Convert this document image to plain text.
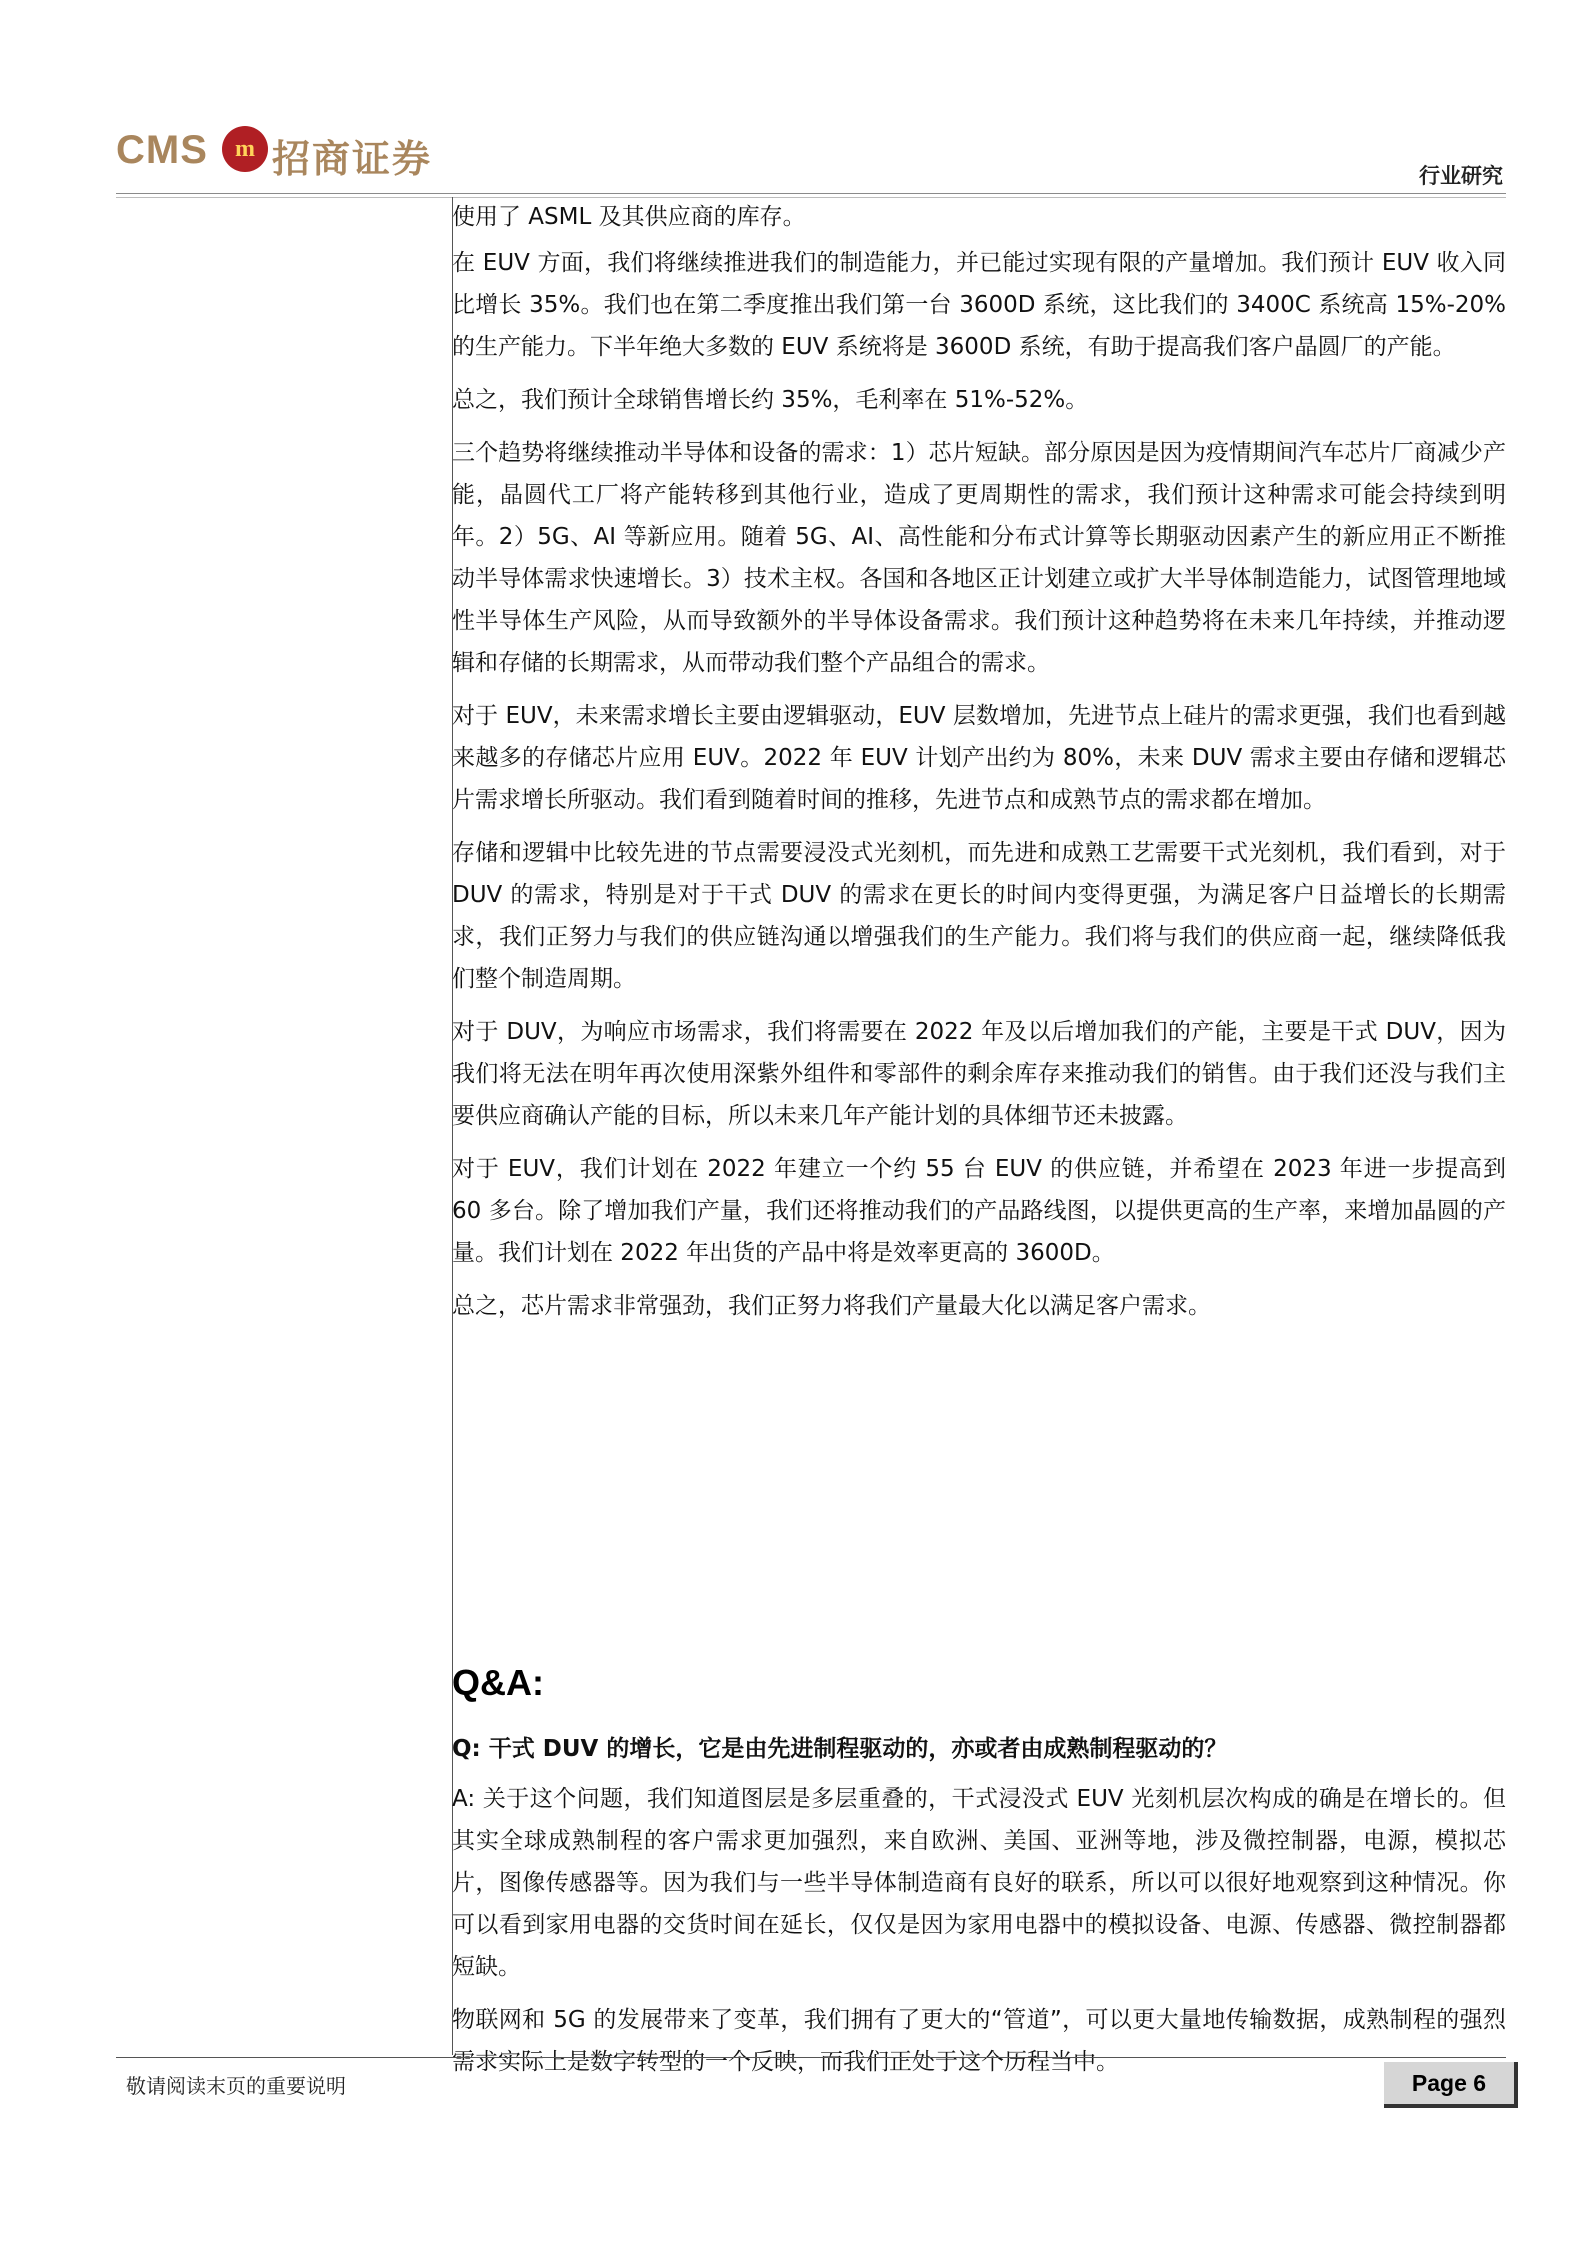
CMS	m 招商证券	行业研究

使用了 ASML 及其供应商的库存。

在 EUV 方面，我们将继续推进我们的制造能力，并已能过实现有限的产量增加。我们预计 EUV 收入同比增长 35%。我们也在第二季度推出我们第一台 3600D 系统，这比我们的 3400C 系统高 15%-20%的生产能力。下半年绝大多数的 EUV 系统将是 3600D 系统，有助于提高我们客户晶圆厂的产能。

总之，我们预计全球销售增长约 35%，毛利率在 51%-52%。

三个趋势将继续推动半导体和设备的需求：1）芯片短缺。部分原因是因为疫情期间汽车芯片厂商减少产能，晶圆代工厂将产能转移到其他行业，造成了更周期性的需求，我们预计这种需求可能会持续到明年。2）5G、AI 等新应用。随着 5G、AI、高性能和分布式计算等长期驱动因素产生的新应用正不断推动半导体需求快速增长。3）技术主权。各国和各地区正计划建立或扩大半导体制造能力，试图管理地域性半导体生产风险，从而导致额外的半导体设备需求。我们预计这种趋势将在未来几年持续，并推动逻辑和存储的长期需求，从而带动我们整个产品组合的需求。

对于 EUV，未来需求增长主要由逻辑驱动，EUV 层数增加，先进节点上硅片的需求更强，我们也看到越来越多的存储芯片应用 EUV。2022 年 EUV 计划产出约为 80%，未来 DUV 需求主要由存储和逻辑芯片需求增长所驱动。我们看到随着时间的推移，先进节点和成熟节点的需求都在增加。

存储和逻辑中比较先进的节点需要浸没式光刻机，而先进和成熟工艺需要干式光刻机，我们看到，对于 DUV 的需求，特别是对于干式 DUV 的需求在更长的时间内变得更强，为满足客户日益增长的长期需求，我们正努力与我们的供应链沟通以增强我们的生产能力。我们将与我们的供应商一起，继续降低我们整个制造周期。

对于 DUV，为响应市场需求，我们将需要在 2022 年及以后增加我们的产能，主要是干式 DUV，因为我们将无法在明年再次使用深紫外组件和零部件的剩余库存来推动我们的销售。由于我们还没与我们主要供应商确认产能的目标，所以未来几年产能计划的具体细节还未披露。

对于 EUV，我们计划在 2022 年建立一个约 55 台 EUV 的供应链，并希望在 2023 年进一步提高到 60 多台。除了增加我们产量，我们还将推动我们的产品路线图，以提供更高的生产率，来增加晶圆的产量。我们计划在 2022 年出货的产品中将是效率更高的 3600D。

总之，芯片需求非常强劲，我们正努力将我们产量最大化以满足客户需求。

Q&A:

Q: 干式 DUV 的增长，它是由先进制程驱动的，亦或者由成熟制程驱动的？

A: 关于这个问题，我们知道图层是多层重叠的，干式浸没式 EUV 光刻机层次构成的确是在增长的。但其实全球成熟制程的客户需求更加强烈，来自欧洲、美国、亚洲等地，涉及微控制器，电源，模拟芯片，图像传感器等。因为我们与一些半导体制造商有良好的联系，所以可以很好地观察到这种情况。你可以看到家用电器的交货时间在延长，仅仅是因为家用电器中的模拟设备、电源、传感器、微控制器都短缺。

物联网和 5G 的发展带来了变革，我们拥有了更大的“管道”，可以更大量地传输数据，成熟制程的强烈需求实际上是数字转型的一个反映，而我们正处于这个历程当中。

敬请阅读末页的重要说明	Page 6
